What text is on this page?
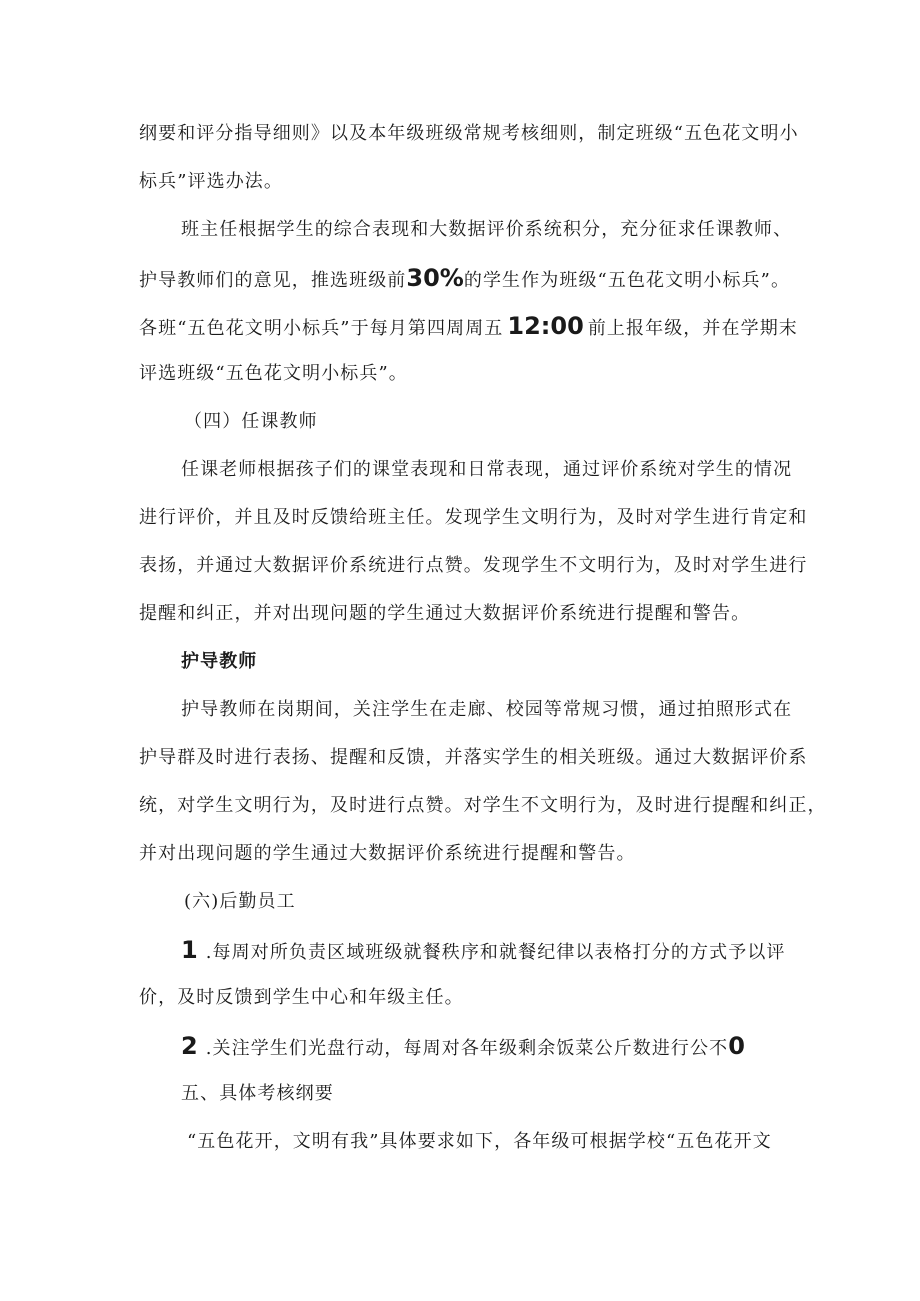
纲要和评分指导细则》以及本年级班级常规考核细则，制定班级“五色花文明小
标兵”评选办法。
班主任根据学生的综合表现和大数据评价系统积分，充分征求任课教师、
护导教师们的意见，推选班级前30%的学生作为班级“五色花文明小标兵”。
各班“五色花文明小标兵”于每月第四周周五 12:00 前上报年级，并在学期末
评选班级“五色花文明小标兵”。
（四）任课教师
任课老师根据孩子们的课堂表现和日常表现，通过评价系统对学生的情况
进行评价，并且及时反馈给班主任。发现学生文明行为，及时对学生进行肯定和
表扬，并通过大数据评价系统进行点赞。发现学生不文明行为，及时对学生进行
提醒和纠正，并对出现问题的学生通过大数据评价系统进行提醒和警告。
护导教师
护导教师在岗期间，关注学生在走廊、校园等常规习惯，通过拍照形式在
护导群及时进行表扬、提醒和反馈，并落实学生的相关班级。通过大数据评价系
统，对学生文明行为，及时进行点赞。对学生不文明行为，及时进行提醒和纠正，
并对出现问题的学生通过大数据评价系统进行提醒和警告。
(六)后勤员工
1 .每周对所负责区域班级就餐秩序和就餐纪律以表格打分的方式予以评
价，及时反馈到学生中心和年级主任。
2 .关注学生们光盘行动，每周对各年级剩余饭菜公斤数进行公不0
五、具体考核纲要
“五色花开，文明有我”具体要求如下，各年级可根据学校“五色花开文
